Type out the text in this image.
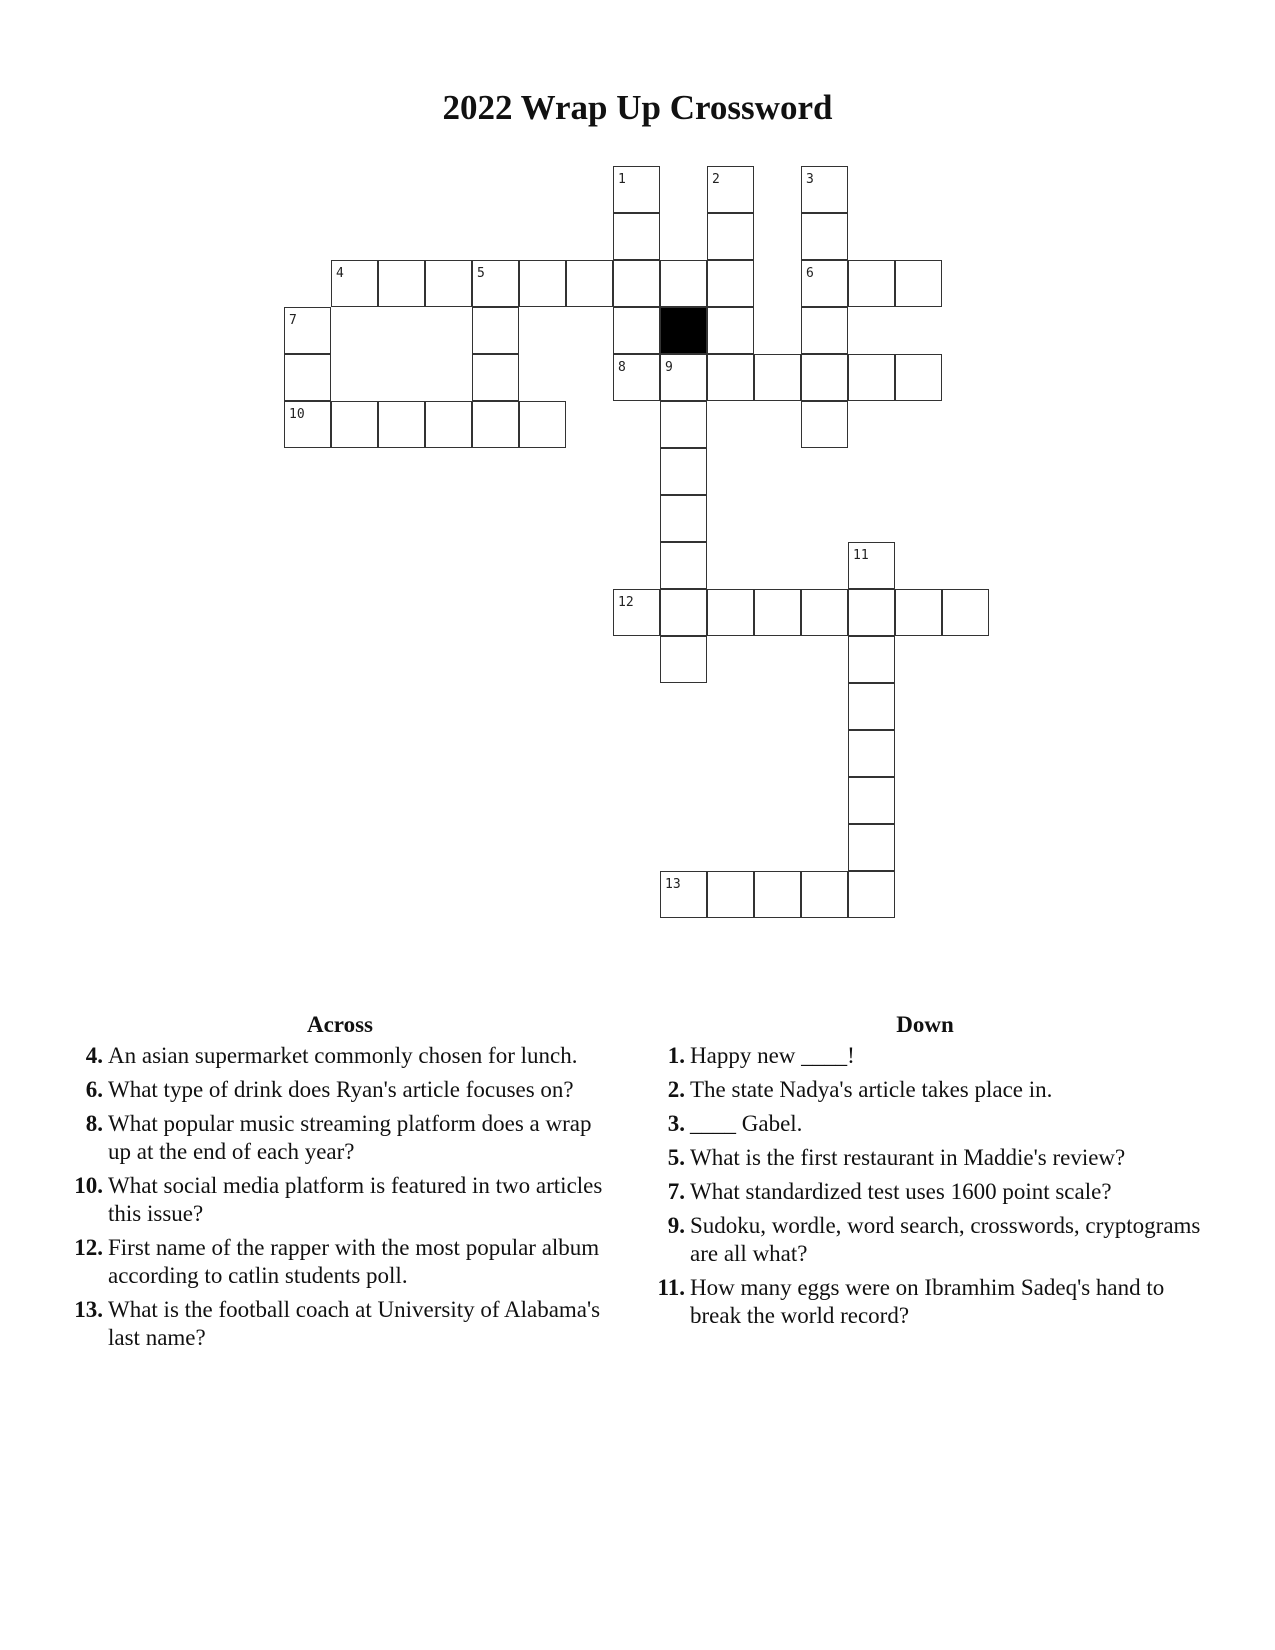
2022 Wrap Up Crossword
1	2	3
4	5	6
7
8	9
10
11
12
13
Across
4. An asian supermarket commonly chosen for lunch.
6. What type of drink does Ryan's article focuses on?
8. What popular music streaming platform does a wrap up at the end of each year?
10. What social media platform is featured in two articles this issue?
12. First name of the rapper with the most popular album according to catlin students poll.
13. What is the football coach at University of Alabama's last name?
Down
1. Happy new ____!
2. The state Nadya's article takes place in.
3. ____ Gabel.
5. What is the first restaurant in Maddie's review?
7. What standardized test uses 1600 point scale?
9. Sudoku, wordle, word search, crosswords, cryptograms are all what?
11. How many eggs were on Ibramhim Sadeq's hand to break the world record?
